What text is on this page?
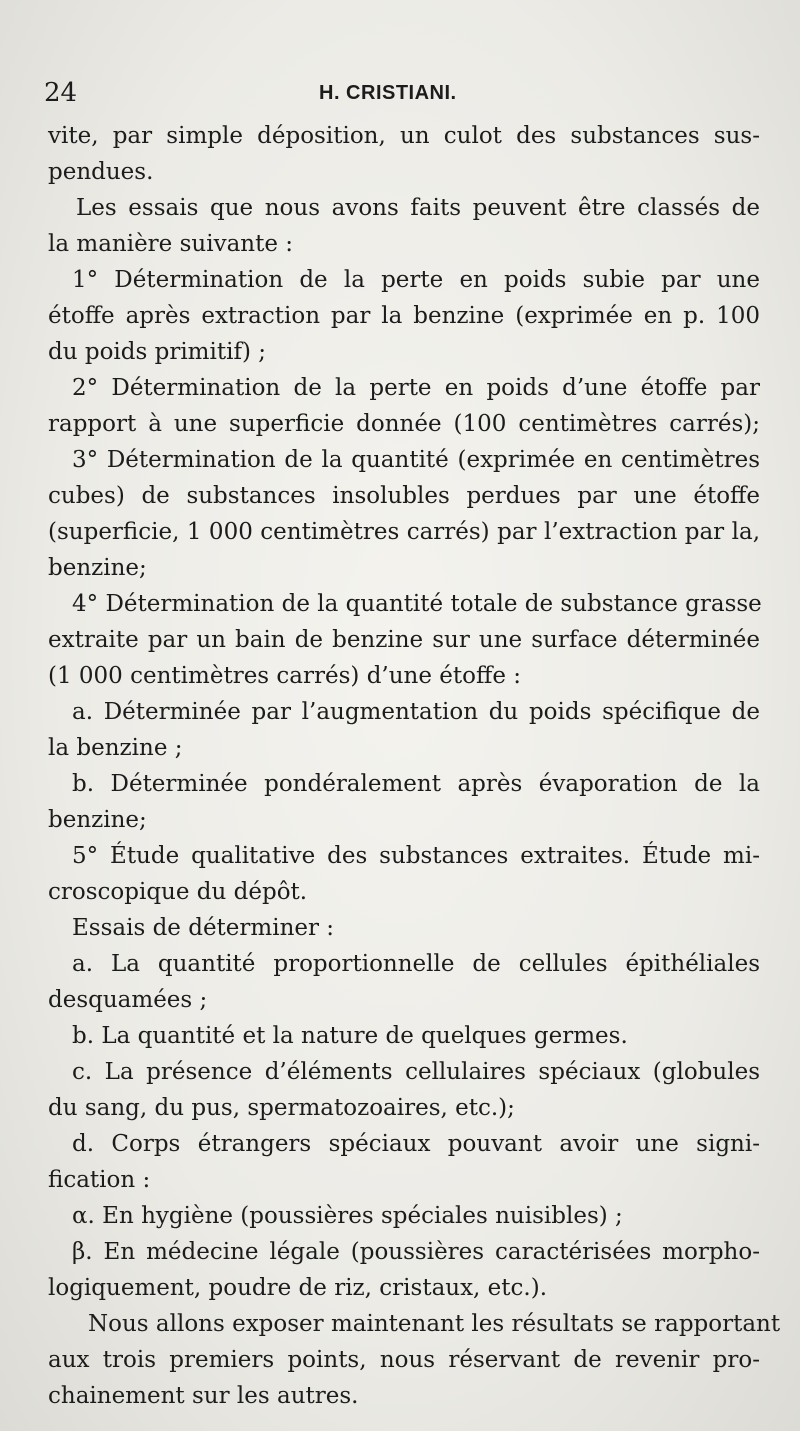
24	H. CRISTIANI.
vite, par simple déposition, un culot des substances sus-
pendues.
Les essais que nous avons faits peuvent être classés de
la manière suivante :
1° Détermination de la perte en poids subie par une
étoffe après extraction par la benzine (exprimée en p. 100
du poids primitif) ;
2° Détermination de la perte en poids d’une étoffe par
rapport à une superficie donnée (100 centimètres carrés);
3° Détermination de la quantité (exprimée en centimètres
cubes) de substances insolubles perdues par une étoffe
(superficie, 1 000 centimètres carrés) par l’extraction par la,
benzine;
4° Détermination de la quantité totale de substance grasse
extraite par un bain de benzine sur une surface déterminée
(1 000 centimètres carrés) d’une étoffe :
a. Déterminée par l’augmentation du poids spécifique de
la benzine ;
b. Déterminée pondéralement après évaporation de la
benzine;
5° Étude qualitative des substances extraites. Étude mi-
croscopique du dépôt.
Essais de déterminer :
a. La quantité proportionnelle de cellules épithéliales
desquamées ;
b. La quantité et la nature de quelques germes.
c. La présence d’éléments cellulaires spéciaux (globules
du sang, du pus, spermatozoaires, etc.);
d. Corps étrangers spéciaux pouvant avoir une signi-
fication :
α. En hygiène (poussières spéciales nuisibles) ;
β. En médecine légale (poussières caractérisées morpho-
logiquement, poudre de riz, cristaux, etc.).
Nous allons exposer maintenant les résultats se rapportant
aux trois premiers points, nous réservant de revenir pro-
chainement sur les autres.
